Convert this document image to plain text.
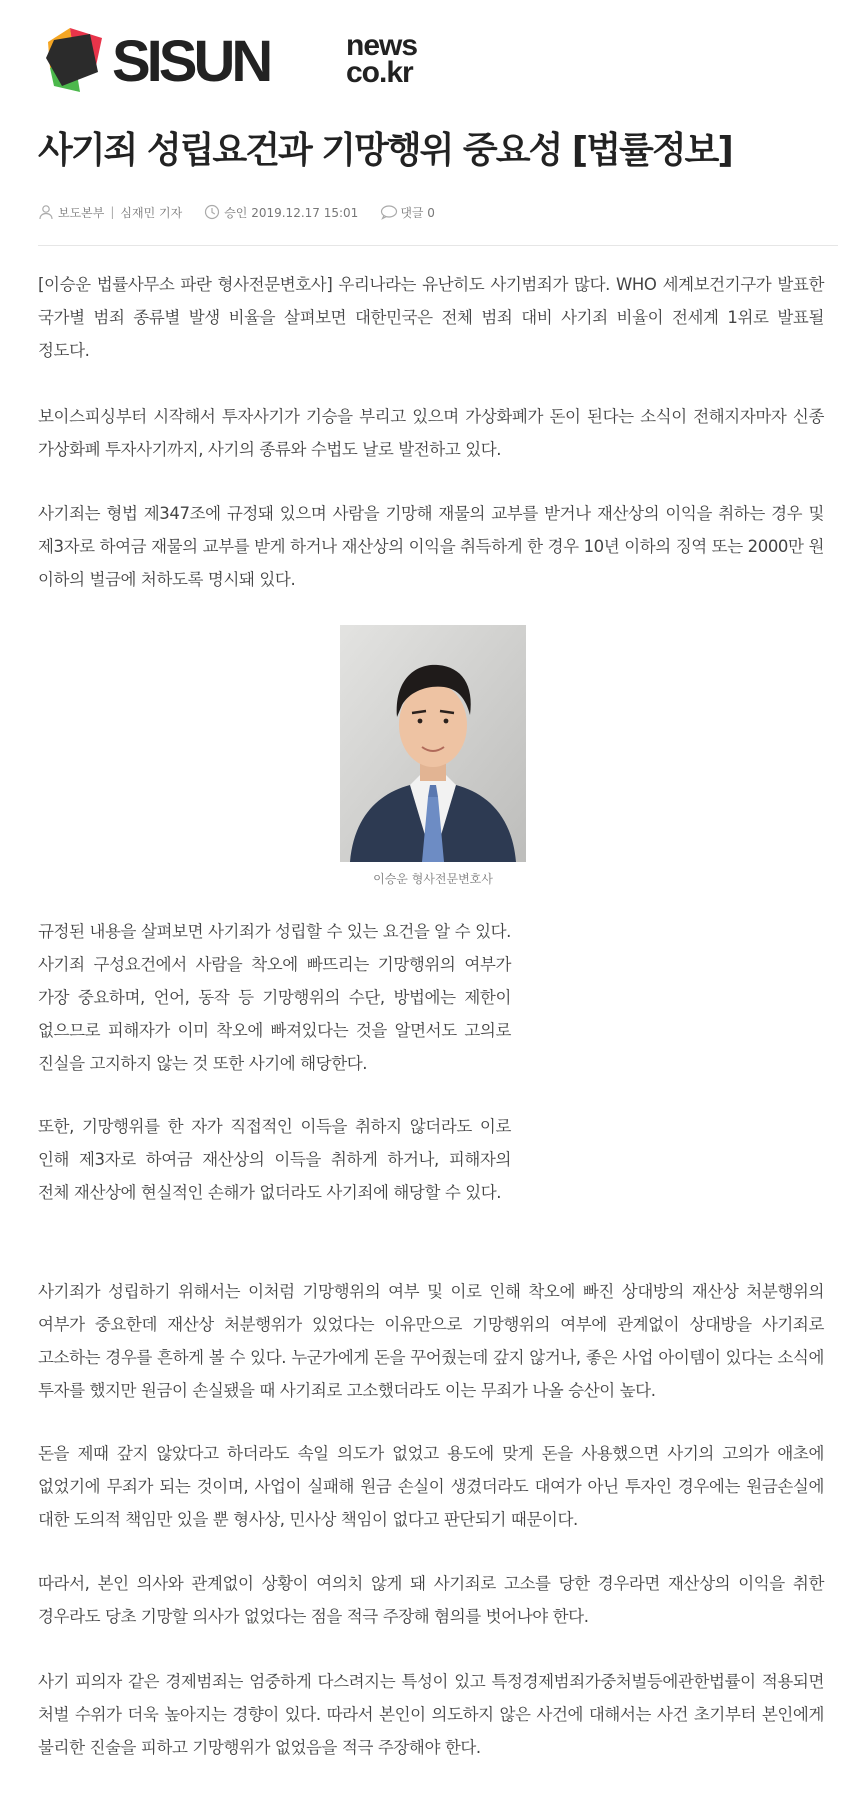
SISUN	news
co.kr
사기죄 성립요건과 기망행위 중요성 [법률정보]
보도본부 | 심재민 기자	승인 2019.12.17 15:01	댓글 0

[이승운 법률사무소 파란 형사전문변호사] 우리나라는 유난히도 사기범죄가 많다. WHO 세계보건기구가 발표한 국가별 범죄 종류별 발생 비율을 살펴보면 대한민국은 전체 범죄 대비 사기죄 비율이 전세계 1위로 발표될 정도다.

보이스피싱부터 시작해서 투자사기가 기승을 부리고 있으며 가상화폐가 돈이 된다는 소식이 전해지자마자 신종 가상화폐 투자사기까지, 사기의 종류와 수법도 날로 발전하고 있다.

사기죄는 형법 제347조에 규정돼 있으며 사람을 기망해 재물의 교부를 받거나 재산상의 이익을 취하는 경우 및 제3자로 하여금 재물의 교부를 받게 하거나 재산상의 이익을 취득하게 한 경우 10년 이하의 징역 또는 2000만 원 이하의 벌금에 처하도록 명시돼 있다.

이승운 형사전문변호사

규정된 내용을 살펴보면 사기죄가 성립할 수 있는 요건을 알 수 있다. 사기죄 구성요건에서 사람을 착오에 빠뜨리는 기망행위의 여부가 가장 중요하며, 언어, 동작 등 기망행위의 수단, 방법에는 제한이 없으므로 피해자가 이미 착오에 빠져있다는 것을 알면서도 고의로 진실을 고지하지 않는 것 또한 사기에 해당한다.

또한, 기망행위를 한 자가 직접적인 이득을 취하지 않더라도 이로 인해 제3자로 하여금 재산상의 이득을 취하게 하거나, 피해자의 전체 재산상에 현실적인 손해가 없더라도 사기죄에 해당할 수 있다.

사기죄가 성립하기 위해서는 이처럼 기망행위의 여부 및 이로 인해 착오에 빠진 상대방의 재산상 처분행위의 여부가 중요한데 재산상 처분행위가 있었다는 이유만으로 기망행위의 여부에 관계없이 상대방을 사기죄로 고소하는 경우를 흔하게 볼 수 있다. 누군가에게 돈을 꾸어줬는데 갚지 않거나, 좋은 사업 아이템이 있다는 소식에 투자를 했지만 원금이 손실됐을 때 사기죄로 고소했더라도 이는 무죄가 나올 승산이 높다.

돈을 제때 갚지 않았다고 하더라도 속일 의도가 없었고 용도에 맞게 돈을 사용했으면 사기의 고의가 애초에 없었기에 무죄가 되는 것이며, 사업이 실패해 원금 손실이 생겼더라도 대여가 아닌 투자인 경우에는 원금손실에 대한 도의적 책임만 있을 뿐 형사상, 민사상 책임이 없다고 판단되기 때문이다.

따라서, 본인 의사와 관계없이 상황이 여의치 않게 돼 사기죄로 고소를 당한 경우라면 재산상의 이익을 취한 경우라도 당초 기망할 의사가 없었다는 점을 적극 주장해 혐의를 벗어나야 한다.

사기 피의자 같은 경제범죄는 엄중하게 다스려지는 특성이 있고 특정경제범죄가중처벌등에관한법률이 적용되면 처벌 수위가 더욱 높아지는 경향이 있다. 따라서 본인이 의도하지 않은 사건에 대해서는 사건 초기부터 본인에게 불리한 진술을 피하고 기망행위가 없었음을 적극 주장해야 한다.
